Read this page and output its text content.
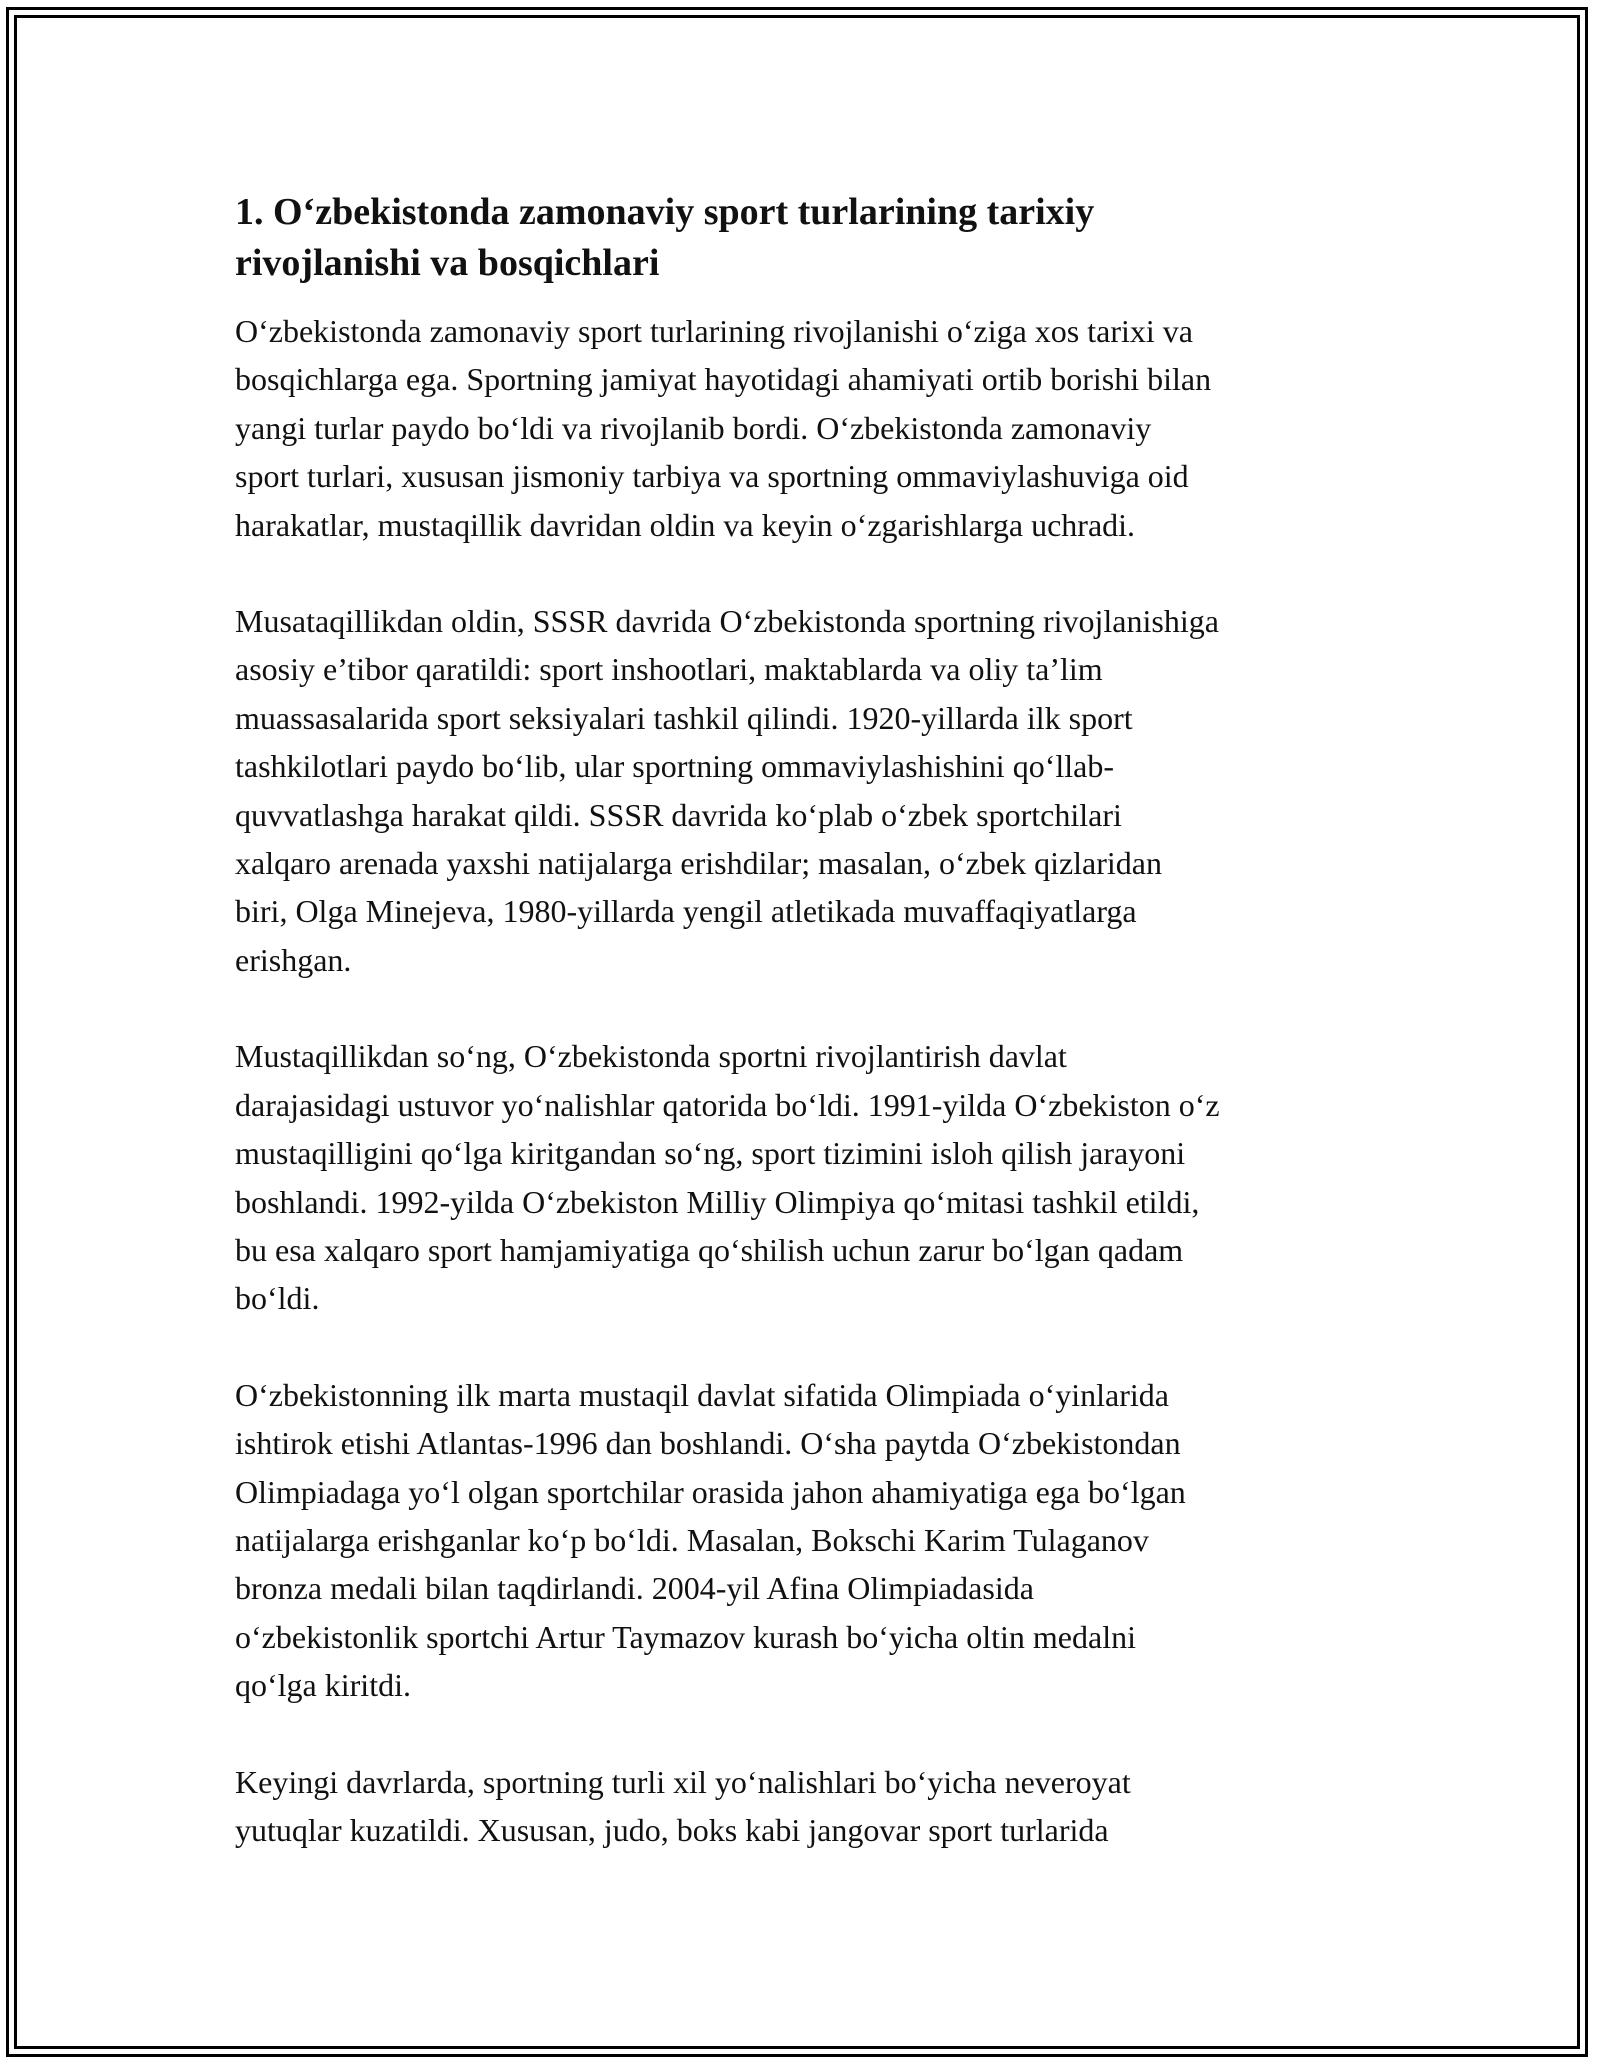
1. O‘zbekistonda zamonaviy sport turlarining tarixiy
rivojlanishi va bosqichlari

O‘zbekistonda zamonaviy sport turlarining rivojlanishi o‘ziga xos tarixi va
bosqichlarga ega. Sportning jamiyat hayotidagi ahamiyati ortib borishi bilan
yangi turlar paydo bo‘ldi va rivojlanib bordi. O‘zbekistonda zamonaviy
sport turlari, xususan jismoniy tarbiya va sportning ommaviylashuviga oid
harakatlar, mustaqillik davridan oldin va keyin o‘zgarishlarga uchradi.

Musataqillikdan oldin, SSSR davrida O‘zbekistonda sportning rivojlanishiga
asosiy e’tibor qaratildi: sport inshootlari, maktablarda va oliy ta’lim
muassasalarida sport seksiyalari tashkil qilindi. 1920-yillarda ilk sport
tashkilotlari paydo bo‘lib, ular sportning ommaviylashishini qo‘llab-
quvvatlashga harakat qildi. SSSR davrida ko‘plab o‘zbek sportchilari
xalqaro arenada yaxshi natijalarga erishdilar; masalan, o‘zbek qizlaridan
biri, Olga Minejeva, 1980-yillarda yengil atletikada muvaffaqiyatlarga
erishgan.

Mustaqillikdan so‘ng, O‘zbekistonda sportni rivojlantirish davlat
darajasidagi ustuvor yo‘nalishlar qatorida bo‘ldi. 1991-yilda O‘zbekiston o‘z
mustaqilligini qo‘lga kiritgandan so‘ng, sport tizimini isloh qilish jarayoni
boshlandi. 1992-yilda O‘zbekiston Milliy Olimpiya qo‘mitasi tashkil etildi,
bu esa xalqaro sport hamjamiyatiga qo‘shilish uchun zarur bo‘lgan qadam
bo‘ldi.

O‘zbekistonning ilk marta mustaqil davlat sifatida Olimpiada o‘yinlarida
ishtirok etishi Atlantas-1996 dan boshlandi. O‘sha paytda O‘zbekistondan
Olimpiadaga yo‘l olgan sportchilar orasida jahon ahamiyatiga ega bo‘lgan
natijalarga erishganlar ko‘p bo‘ldi. Masalan, Bokschi Karim Tulaganov
bronza medali bilan taqdirlandi. 2004-yil Afina Olimpiadasida
o‘zbekistonlik sportchi Artur Taymazov kurash bo‘yicha oltin medalni
qo‘lga kiritdi.

Keyingi davrlarda, sportning turli xil yo‘nalishlari bo‘yicha neveroyat
yutuqlar kuzatildi. Xususan, judo, boks kabi jangovar sport turlarida
